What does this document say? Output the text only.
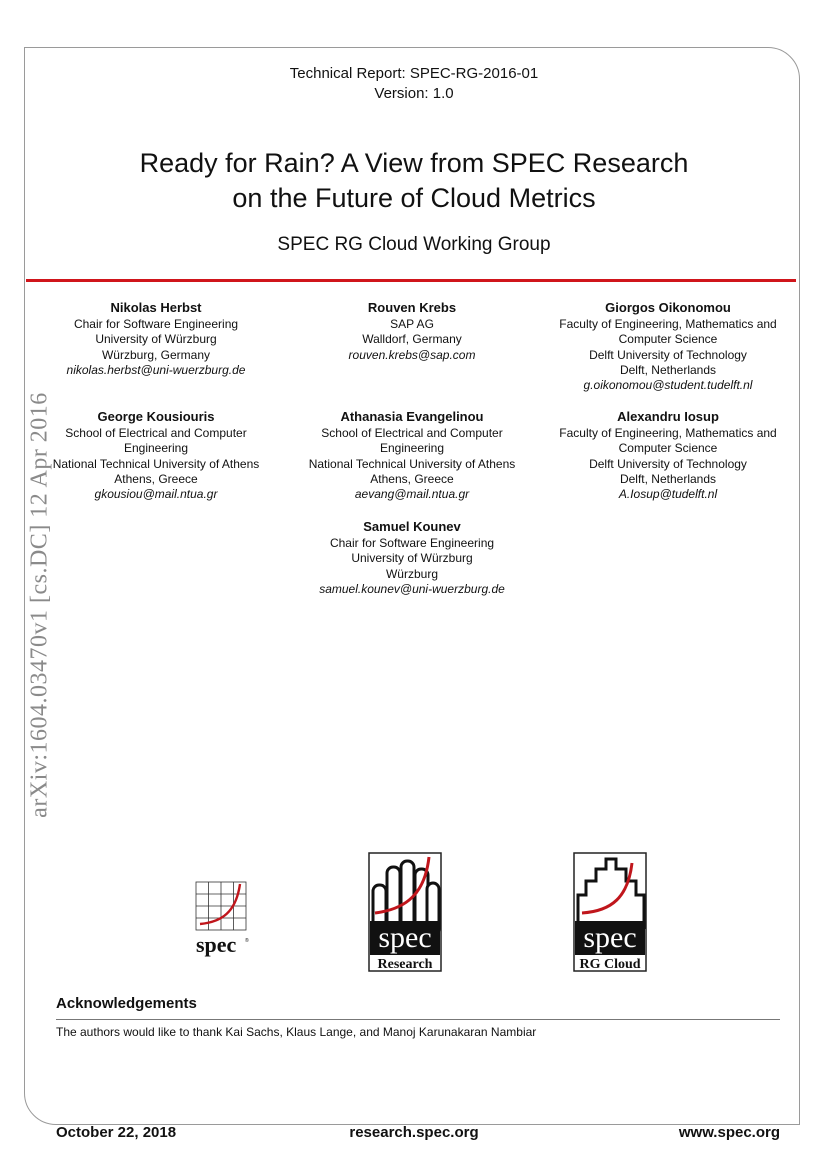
arXiv:1604.03470v1 [cs.DC] 12 Apr 2016
Technical Report: SPEC-RG-2016-01
Version: 1.0
Ready for Rain? A View from SPEC Research
on the Future of Cloud Metrics
SPEC RG Cloud Working Group
Nikolas Herbst
Chair for Software Engineering
University of Würzburg
Würzburg, Germany
nikolas.herbst@uni-wuerzburg.de
Rouven Krebs
SAP AG
Walldorf, Germany
rouven.krebs@sap.com
Giorgos Oikonomou
Faculty of Engineering, Mathematics and
Computer Science
Delft University of Technology
Delft, Netherlands
g.oikonomou@student.tudelft.nl
George Kousiouris
School of Electrical and Computer
Engineering
National Technical University of Athens
Athens, Greece
gkousiou@mail.ntua.gr
Athanasia Evangelinou
School of Electrical and Computer
Engineering
National Technical University of Athens
Athens, Greece
aevang@mail.ntua.gr
Alexandru Iosup
Faculty of Engineering, Mathematics and
Computer Science
Delft University of Technology
Delft, Netherlands
A.Iosup@tudelft.nl
Samuel Kounev
Chair for Software Engineering
University of Würzburg
Würzburg
samuel.kounev@uni-wuerzburg.de
spec ®	spec
Research
spec
RG Cloud
Acknowledgements
The authors would like to thank Kai Sachs, Klaus Lange, and Manoj Karunakaran Nambiar
October 22, 2018	research.spec.org	www.spec.org
